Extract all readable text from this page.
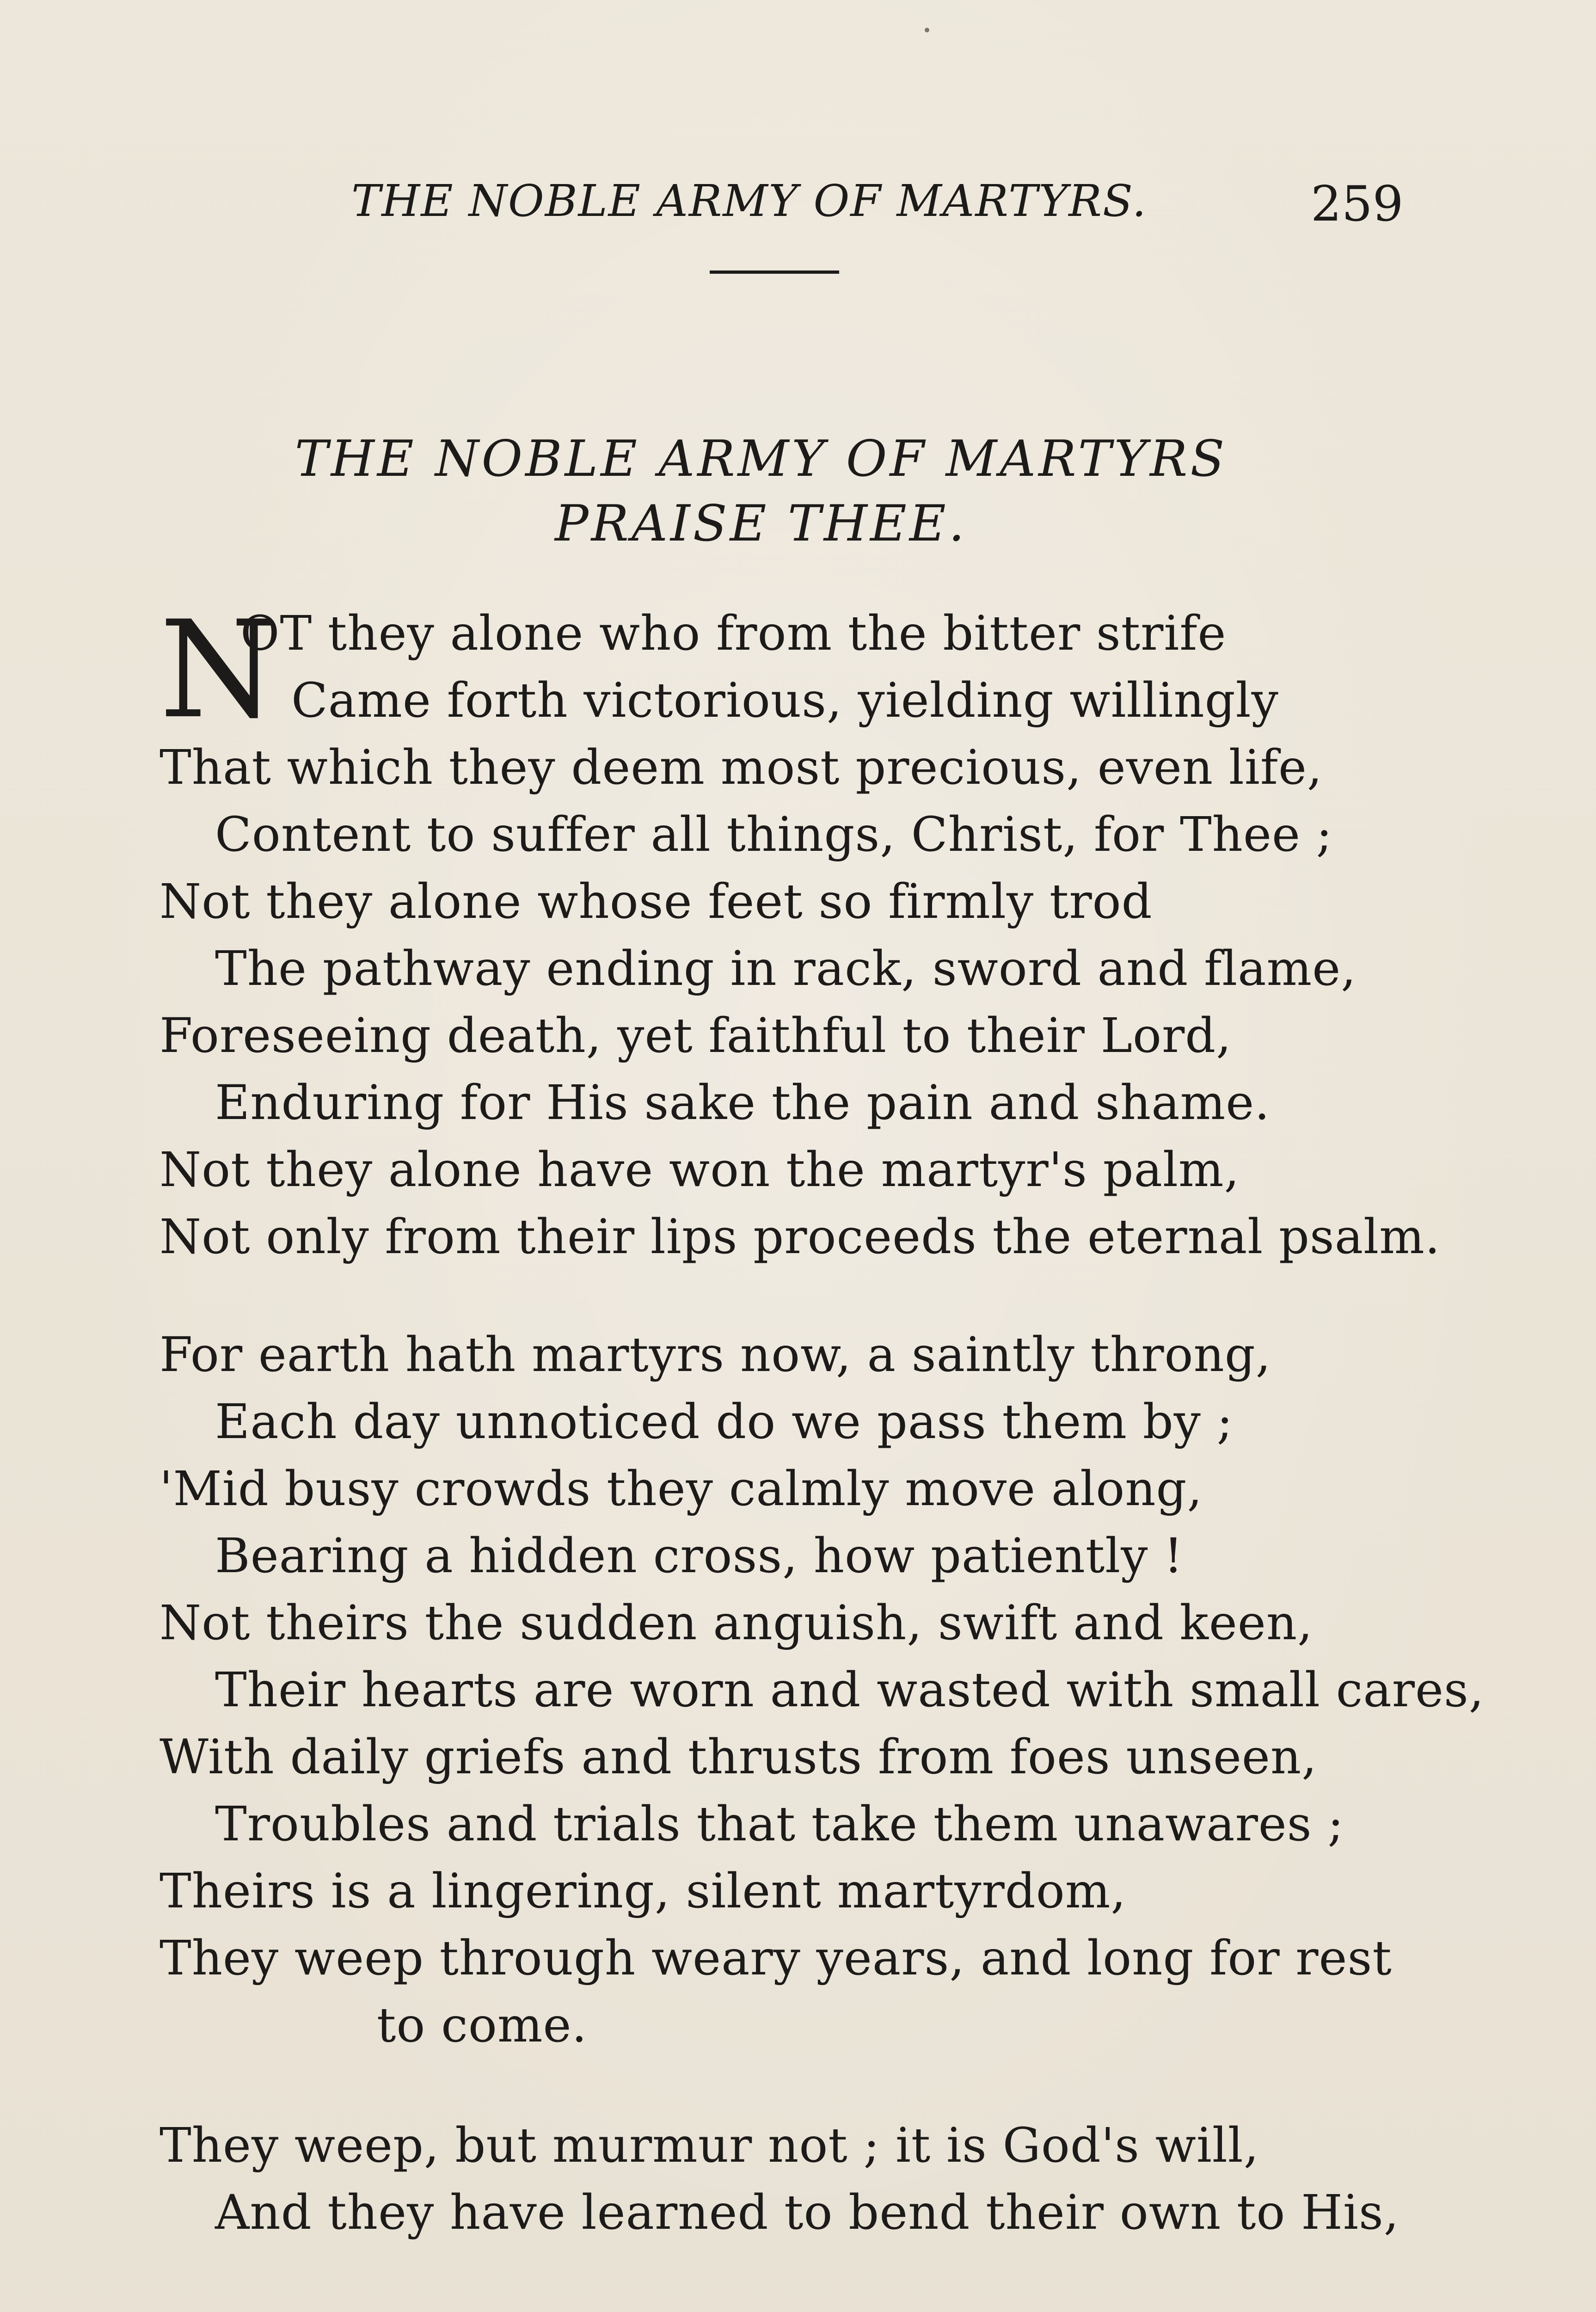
THE NOBLE ARMY OF MARTYRS.	259
THE NOBLE ARMY OF MARTYRS
PRAISE THEE.
N
OT they alone who from the bitter strife
Came forth victorious, yielding willingly
That which they deem most precious, even life,
Content to suffer all things, Christ, for Thee ;
Not they alone whose feet so firmly trod
The pathway ending in rack, sword and flame,
Foreseeing death, yet faithful to their Lord,
Enduring for His sake the pain and shame.
Not they alone have won the martyr's palm,
Not only from their lips proceeds the eternal psalm.
For earth hath martyrs now, a saintly throng,
Each day unnoticed do we pass them by ;
'Mid busy crowds they calmly move along,
Bearing a hidden cross, how patiently !
Not theirs the sudden anguish, swift and keen,
Their hearts are worn and wasted with small cares,
With daily griefs and thrusts from foes unseen,
Troubles and trials that take them unawares ;
Theirs is a lingering, silent martyrdom,
They weep through weary years, and long for rest
to come.
They weep, but murmur not ; it is God's will,
And they have learned to bend their own to His,
